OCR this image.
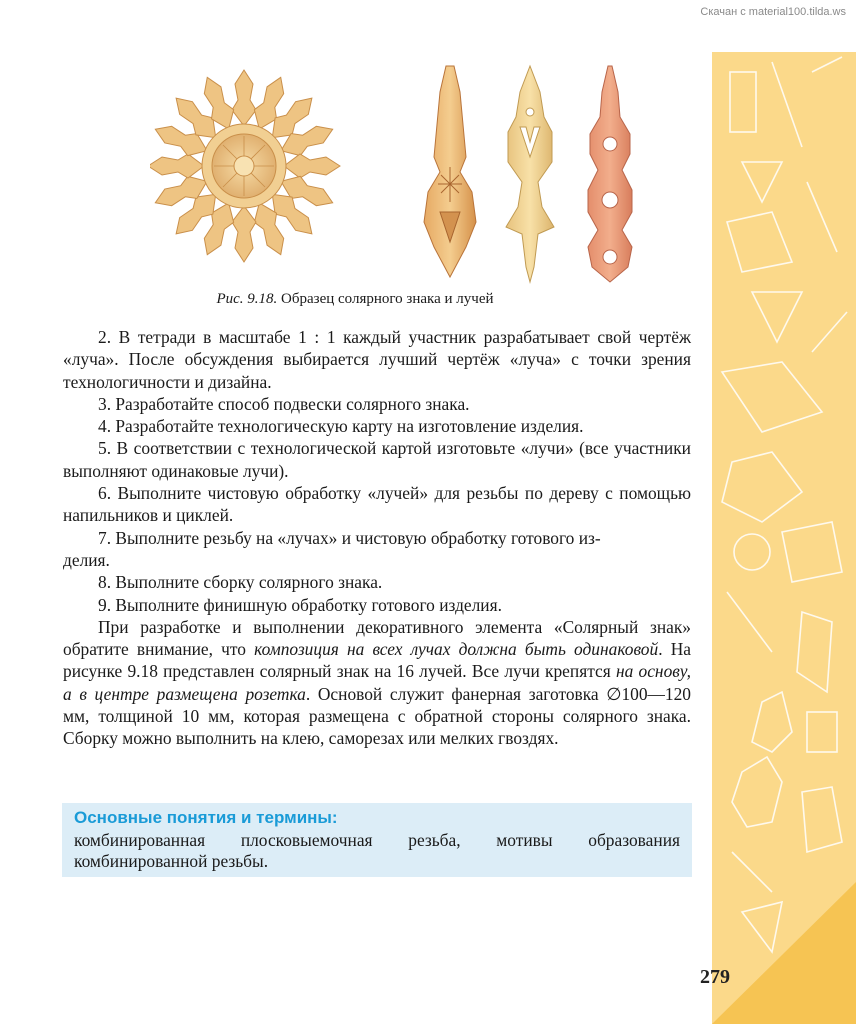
Скачан с material100.tilda.ws
Рис. 9.18. Образец солярного знака и лучей

2. В тетради в масштабе 1 : 1 каждый участник разрабатывает свой чертёж «луча». После обсуждения выбирается лучший чертёж «луча» с точки зрения технологичности и дизайна.

3. Разработайте способ подвески солярного знака.

4. Разработайте технологическую карту на изготовление изделия.

5. В соответствии с технологической картой изготовьте «лучи» (все участники выполняют одинаковые лучи).

6. Выполните чистовую обработку «лучей» для резьбы по дереву с помощью напильников и циклей.

7. Выполните резьбу на «лучах» и чистовую обработку готового из-

делия.

8. Выполните сборку солярного знака.

9. Выполните финишную обработку готового изделия.

При разработке и выполнении декоративного элемента «Солярный знак» обратите внимание, что композиция на всех лучах должна быть одинаковой. На рисунке 9.18 представлен солярный знак на 16 лучей. Все лучи крепятся на основу, а в центре размещена розетка. Основой служит фанерная заготовка ∅100—120 мм, толщиной 10 мм, которая размещена с обратной стороны солярного знака. Сборку можно выполнить на клею, саморезах или мелких гвоздях.

Основные понятия и термины:
комбинированная плосковыемочная резьба, мотивы образования комбинированной резьбы.
279
